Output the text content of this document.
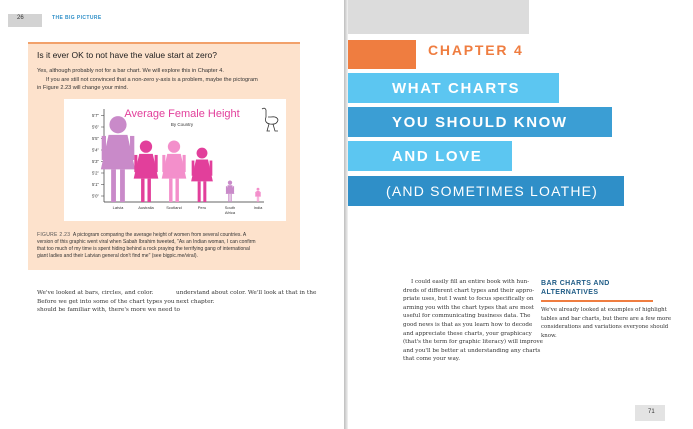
26	THE BIG PICTURE
Is it ever OK to not have the value start at zero?
Yes, although probably not for a bar chart. We will explore this in Chapter 4.
If you are still not convinced that a non-zero y-axis is a problem, maybe the pictogram
in Figure 2.23 will change your mind.
Average Female Height
By Country
5'0"
5'1"
5'2"
5'3"
5'4"
5'5"
5'6"
5'7"
Latvia	Australia	Scotland	Peru	South
Africa
India
FIGURE 2.23 A pictogram comparing the average height of women from several countries. A
version of this graphic went viral when Sabah Ibrahim tweeted, "As an Indian woman, I can confirm
that too much of my time is spent hiding behind a rock praying the terrifying gang of international
giant ladies and their Latvian general don't find me" (see bigpic.me/viral).
We've looked at bars, circles, and color.
Before we get into some of the chart types you
should be familiar with, there's more we need to
understand about color. We'll look at that in the
next chapter.
CHAPTER 4
WHAT CHARTS
YOU SHOULD KNOW
AND LOVE
(AND SOMETIMES LOATHE)
I could easily fill an entire book with hun-
dreds of different chart types and their appro-
priate uses, but I want to focus specifically on
arming you with the chart types that are most
useful for communicating business data. The
good news is that as you learn how to decode
and appreciate these charts, your graphicacy
(that's the term for graphic literacy) will improve
and you'll be better at understanding any charts
that come your way.
BAR CHARTS AND ALTERNATIVES
We've already looked at examples of highlight
tables and bar charts, but there are a few more
considerations and variations everyone should
know.
71
